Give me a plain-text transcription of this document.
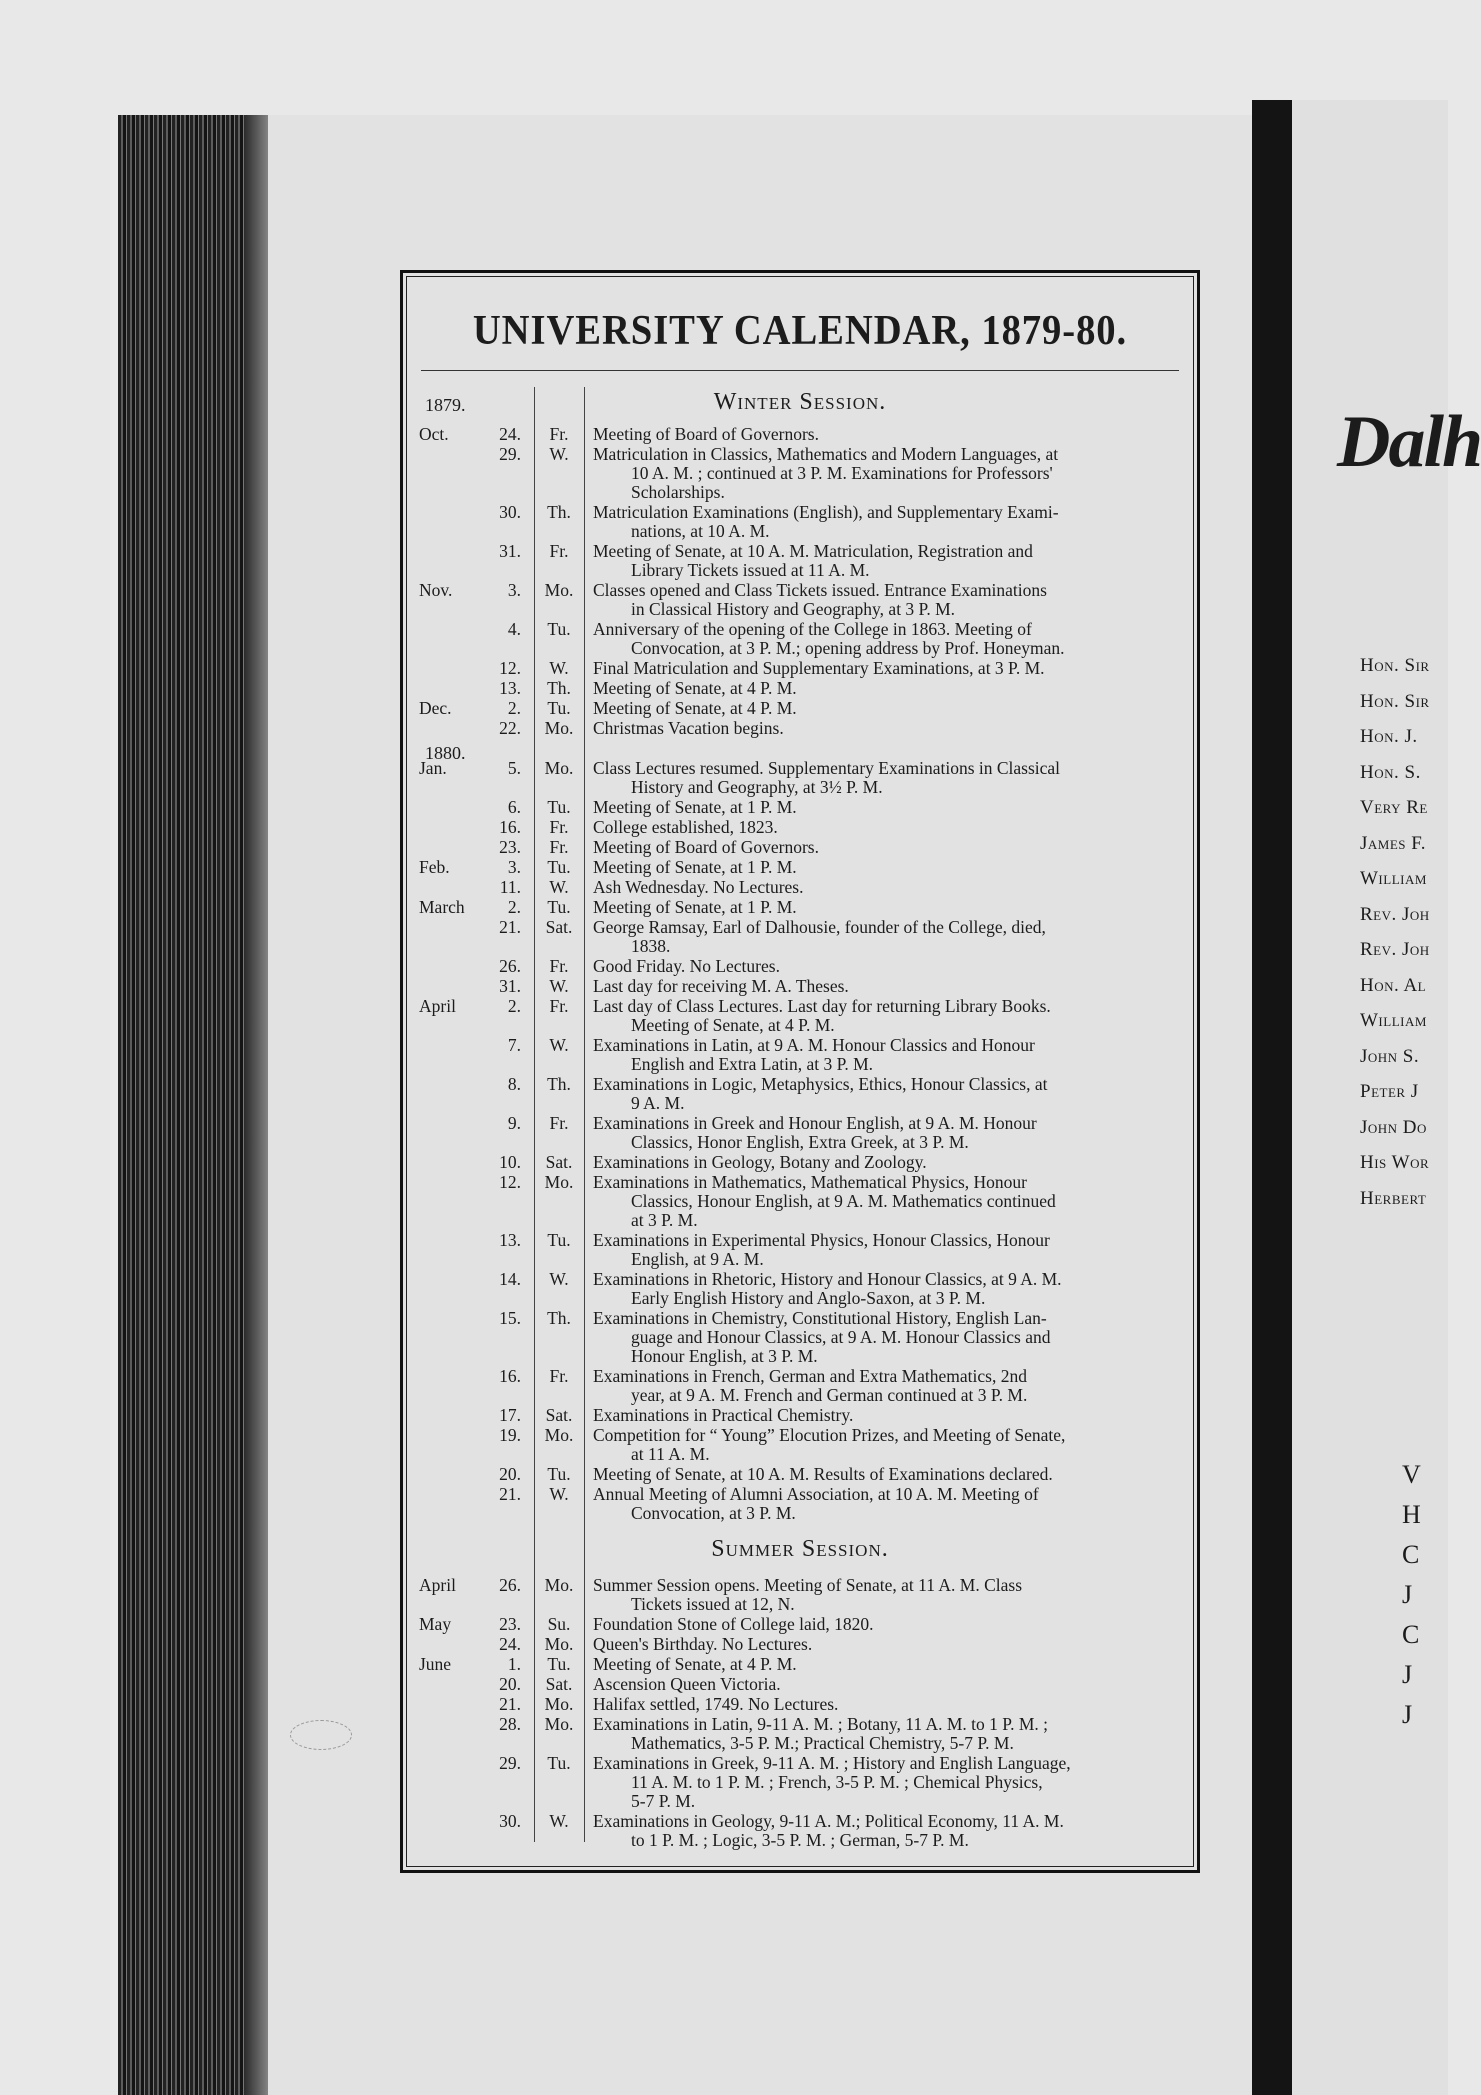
Dalh
Hon. Sir
Hon. Sir
Hon. J.
Hon. S.
Very Re
James F.
William
Rev. Joh
Rev. Joh
Hon. Al
William
John S.
Peter J
John Do
His Wor
Herbert
V
H
C
J
C
J
J
UNIVERSITY CALENDAR, 1879-80.
Winter Session.
1879.
1880.
Oct.	24.	Fr.	Meeting of Board of Governors.
29.	W.	Matriculation in Classics, Mathematics and Modern Languages, at

10 A. M. ; continued at 3 P. M. Examinations for Professors'
Scholarships.
30.	Th.	Matriculation Examinations (English), and Supplementary Exami-

nations, at 10 A. M.
31.	Fr.	Meeting of Senate, at 10 A. M. Matriculation, Registration and

Library Tickets issued at 11 A. M.
Nov.	3.	Mo.	Classes opened and Class Tickets issued. Entrance Examinations

in Classical History and Geography, at 3 P. M.
4.	Tu.	Anniversary of the opening of the College in 1863. Meeting of

Convocation, at 3 P. M.; opening address by Prof. Honeyman.
12.	W.	Final Matriculation and Supplementary Examinations, at 3 P. M.
13.	Th.	Meeting of Senate, at 4 P. M.
Dec.	2.	Tu.	Meeting of Senate, at 4 P. M.
22.	Mo.	Christmas Vacation begins.
Jan.	5.	Mo.	Class Lectures resumed. Supplementary Examinations in Classical

History and Geography, at 3½ P. M.
6.	Tu.	Meeting of Senate, at 1 P. M.
16.	Fr.	College established, 1823.
23.	Fr.	Meeting of Board of Governors.
Feb.	3.	Tu.	Meeting of Senate, at 1 P. M.
11.	W.	Ash Wednesday. No Lectures.
March	2.	Tu.	Meeting of Senate, at 1 P. M.
21.	Sat.	George Ramsay, Earl of Dalhousie, founder of the College, died,

1838.
26.	Fr.	Good Friday. No Lectures.
31.	W.	Last day for receiving M. A. Theses.
April	2.	Fr.	Last day of Class Lectures. Last day for returning Library Books.

Meeting of Senate, at 4 P. M.
7.	W.	Examinations in Latin, at 9 A. M. Honour Classics and Honour

English and Extra Latin, at 3 P. M.
8.	Th.	Examinations in Logic, Metaphysics, Ethics, Honour Classics, at

9 A. M.
9.	Fr.	Examinations in Greek and Honour English, at 9 A. M. Honour

Classics, Honor English, Extra Greek, at 3 P. M.
10.	Sat.	Examinations in Geology, Botany and Zoology.
12.	Mo.	Examinations in Mathematics, Mathematical Physics, Honour

Classics, Honour English, at 9 A. M. Mathematics continued
at 3 P. M.
13.	Tu.	Examinations in Experimental Physics, Honour Classics, Honour

English, at 9 A. M.
14.	W.	Examinations in Rhetoric, History and Honour Classics, at 9 A. M.

Early English History and Anglo-Saxon, at 3 P. M.
15.	Th.	Examinations in Chemistry, Constitutional History, English Lan-

guage and Honour Classics, at 9 A. M. Honour Classics and
Honour English, at 3 P. M.
16.	Fr.	Examinations in French, German and Extra Mathematics, 2nd

year, at 9 A. M. French and German continued at 3 P. M.
17.	Sat.	Examinations in Practical Chemistry.
19.	Mo.	Competition for “ Young” Elocution Prizes, and Meeting of Senate,

at 11 A. M.
20.	Tu.	Meeting of Senate, at 10 A. M. Results of Examinations declared.
21.	W.	Annual Meeting of Alumni Association, at 10 A. M. Meeting of

Convocation, at 3 P. M.
Summer Session.
April	26.	Mo.	Summer Session opens. Meeting of Senate, at 11 A. M. Class

Tickets issued at 12, N.
May	23.	Su.	Foundation Stone of College laid, 1820.
24.	Mo.	Queen's Birthday. No Lectures.
June	1.	Tu.	Meeting of Senate, at 4 P. M.
20.	Sat.	Ascension Queen Victoria.
21.	Mo.	Halifax settled, 1749. No Lectures.
28.	Mo.	Examinations in Latin, 9-11 A. M. ; Botany, 11 A. M. to 1 P. M. ;

Mathematics, 3-5 P. M.; Practical Chemistry, 5-7 P. M.
29.	Tu.	Examinations in Greek, 9-11 A. M. ; History and English Language,

11 A. M. to 1 P. M. ; French, 3-5 P. M. ; Chemical Physics,
5-7 P. M.
30.	W.	Examinations in Geology, 9-11 A. M.; Political Economy, 11 A. M.

to 1 P. M. ; Logic, 3-5 P. M. ; German, 5-7 P. M.
